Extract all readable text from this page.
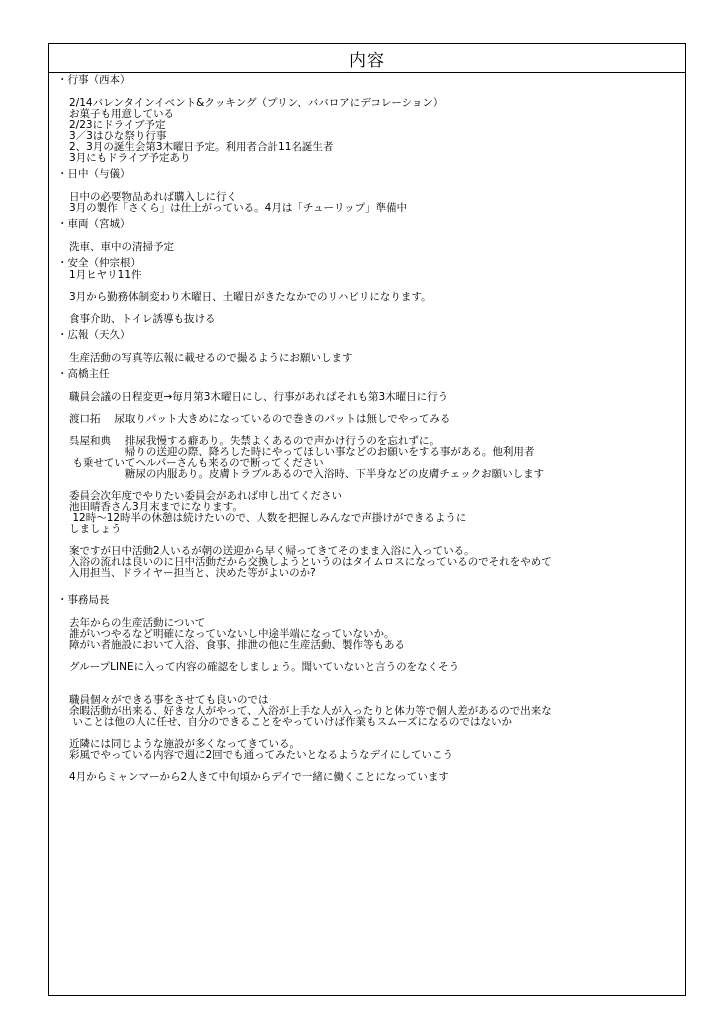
内容
・行事（西本）
2/14バレンタインイベント&クッキング（プリン、ババロアにデコレーション）
お菓子も用意している
2/23にドライブ予定
3／3はひな祭り行事
2、3月の誕生会第3木曜日予定。利用者合計11名誕生者
3月にもドライブ予定あり
・日中（与儀）
日中の必要物品あれば購入しに行く
3月の製作「さくら」は仕上がっている。4月は「チューリップ」準備中
・車両（宮城）
洗車、車中の清掃予定
・安全（仲宗根）
1月ヒヤリ11件
3月から勤務体制変わり木曜日、土曜日がきたなかでのリハビリになります。
食事介助、トイレ誘導も抜ける
・広報（天久）
生産活動の写真等広報に載せるので撮るようにお願いします
・高橋主任
職員会議の日程変更→毎月第3木曜日にし、行事があればそれも第3木曜日に行う
渡口拓　 尿取りパット大きめになっているので巻きのパットは無しでやってみる
呉屋和典　 排尿我慢する癖あり。失禁よくあるので声かけ行うのを忘れずに。
　　　　　 帰りの送迎の際、降ろした時にやってほしい事などのお願いをする事がある。他利用者
も乗せていてヘルパーさんも来るので断ってください
　　　　　 糖尿の内服あり。皮膚トラブルあるので入浴時、下半身などの皮膚チェックお願いします
委員会次年度でやりたい委員会があれば申し出てください
池田晴香さん3月末までになります。
12時～12時半の休憩は続けたいので、人数を把握しみんなで声掛けができるように
しましょう
案ですが日中活動2人いるが朝の送迎から早く帰ってきてそのまま入浴に入っている。
入浴の流れは良いのに日中活動だから交換しようというのはタイムロスになっているのでそれをやめて
入用担当、ドライヤー担当と、決めた等がよいのか?
・事務局長
去年からの生産活動について
誰がいつやるなど明確になっていないし中途半端になっていないか。
障がい者施設において入浴、食事、排泄の他に生産活動、製作等もある
グループLINEに入って内容の確認をしましょう。聞いていないと言うのをなくそう
職員個々ができる事をさせても良いのでは
余暇活動が出来る、好きな人がやって、入浴が上手な人が入ったりと体力等で個人差があるので出来な
いことは他の人に任せ、自分のできることをやっていけば作業もスムーズになるのではないか
近隣には同じような施設が多くなってきている。
彩風でやっている内容で週に2回でも通ってみたいとなるようなデイにしていこう
4月からミャンマーから2人きて中旬頃からデイで一緒に働くことになっています
